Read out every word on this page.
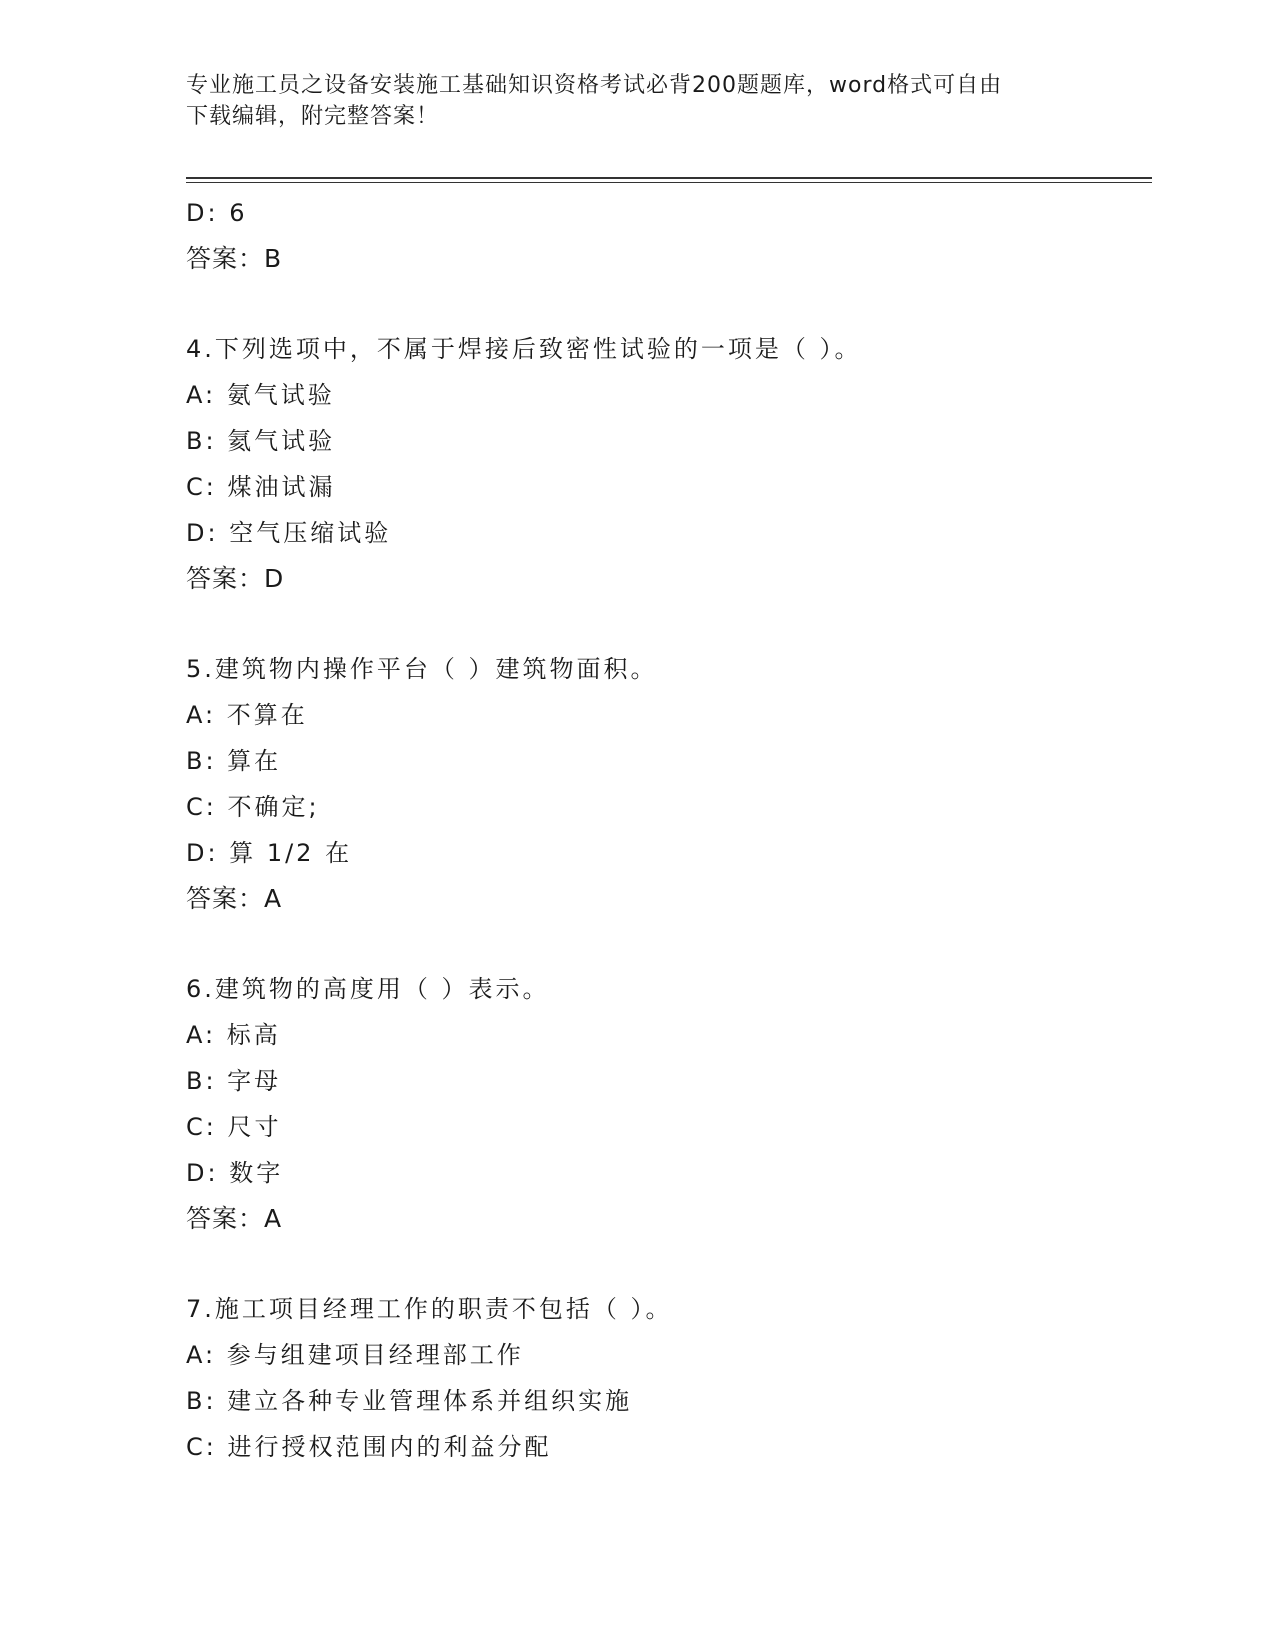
专业施工员之设备安装施工基础知识资格考试必背200题题库，word格式可自由
下载编辑，附完整答案！
D: 6
答案：B
4.下列选项中，不属于焊接后致密性试验的一项是（ ）。
A: 氨气试验
B: 氦气试验
C: 煤油试漏
D: 空气压缩试验
答案：D
5.建筑物内操作平台（ ）建筑物面积。
A: 不算在
B: 算在
C: 不确定;
D: 算 1/2 在
答案：A
6.建筑物的高度用（ ）表示。
A: 标高
B: 字母
C: 尺寸
D: 数字
答案：A
7.施工项目经理工作的职责不包括（ ）。
A: 参与组建项目经理部工作
B: 建立各种专业管理体系并组织实施
C: 进行授权范围内的利益分配
